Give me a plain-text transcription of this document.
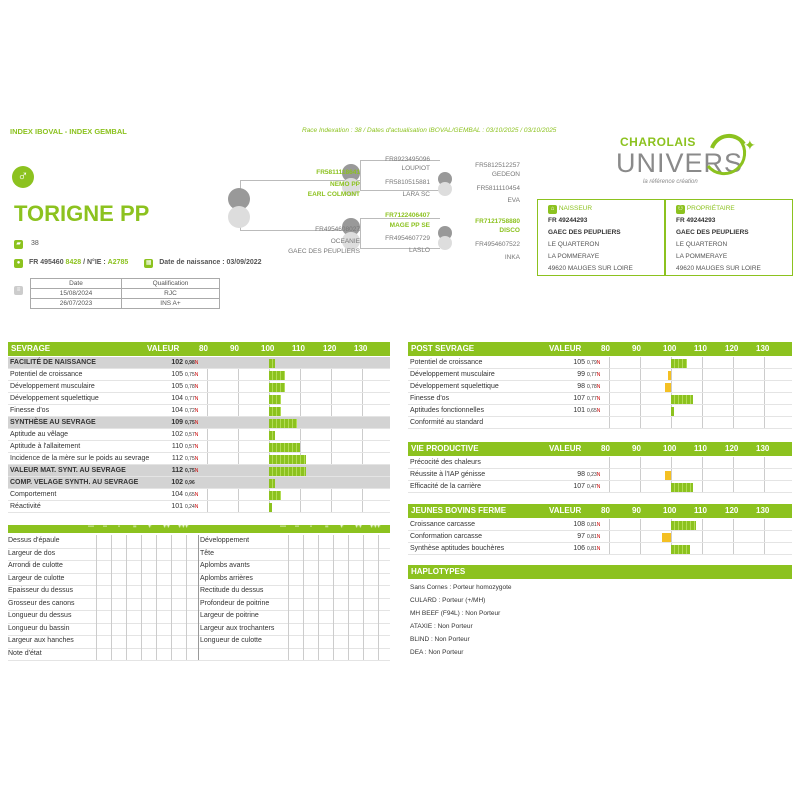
INDEX IBOVAL - INDEX GEMBAL	Race Indexation : 38 / Dates d'actualisation IBOVAL/GEMBAL : 03/10/2025 / 03/10/2025
CHAROLAIS
UNIVERS
la référence création
✦
♂
TORIGNE PP
▰ 38
● FR 495460 8428 / N°IE : A2785	▦ Date de naissance : 03/09/2022
≡
Date	Qualification
15/08/2024	RJC
26/07/2023	INS A+
FR5811118641
NEMO PP
EARL COLMONT
FR4954608027
OCEANIE
GAEC DES PEUPLIERS
FR8923495096
LOUPIOT
FR5810515881
LARA SC
FR7122406407
MAGE PP SE
FR4954607729
LASLO
FR5812512257
GEDEON
FR5811110454
EVA
FR7121758880
DISCO
FR4954607522
INKA
⌂ NAISSEUR
FR 49244293
GAEC DES PEUPLIERS
LE QUARTERON
LA POMMERAYE
49620 MAUGES SUR LOIRE
⚇ PROPRIÉTAIRE
FR 49244293
GAEC DES PEUPLIERS
LE QUARTERON
LA POMMERAYE
49620 MAUGES SUR LOIRE
SEVRAGE	VALEUR 80	90	100 110 120 130
FACILITÉ DE NAISSANCE	102 0,98N
Potentiel de croissance	105 0,75N
Développement musculaire	105 0,78N
Développement squelettique	104 0,77N
Finesse d'os	104 0,72N
SYNTHÈSE AU SEVRAGE	109 0,75N
Aptitude au vêlage	102 0,57N
Aptitude à l'allaitement	110 0,57N
Incidence de la mère sur le poids au sevrage	112 0,75N
VALEUR MAT. SYNT. AU SEVRAGE	112 0,75N
COMP. VELAGE SYNTH. AU SEVRAGE	102 0,96
Comportement	104 0,65N
Réactivité	101 0,24N
POST SEVRAGE	VALEUR 80	90	100 110 120 130
Potentiel de croissance	105 0,79N
Développement musculaire	99 0,77N
Développement squelettique	98 0,78N
Finesse d'os	107 0,77N
Aptitudes fonctionnelles	101 0,65N
Conformité au standard
VIE PRODUCTIVE	VALEUR 80	90	100 110 120 130
Précocité des chaleurs
Réussite à l'IAP génisse	98 0,23N
Efficacité de la carrière	107 0,47N
JEUNES BOVINS FERME	VALEUR 80	90	100 110 120 130
Croissance carcasse	108 0,81N
Conformation carcasse	97 0,81N
Synthèse aptitudes bouchères	106 0,81N
---	---
--	--
-	-
=	=
+	+
++	++
+++	+++
Dessus d'épaule	Développement
Largeur de dos	Tête
Arrondi de culotte	Aplombs avants
Largeur de culotte	Aplombs arrières
Epaisseur du dessus	Rectitude du dessus
Grosseur des canons	Profondeur de poitrine
Longueur du dessus	Largeur de poitrine
Longueur du bassin	Largeur aux trochanters
Largeur aux hanches	Longueur de culotte
Note d'état
HAPLOTYPES
Sans Cornes : Porteur homozygote
CULARD : Porteur (+/MH)
MH BEEF (F94L) : Non Porteur
ATAXIE : Non Porteur
BLIND : Non Porteur
DEA : Non Porteur
